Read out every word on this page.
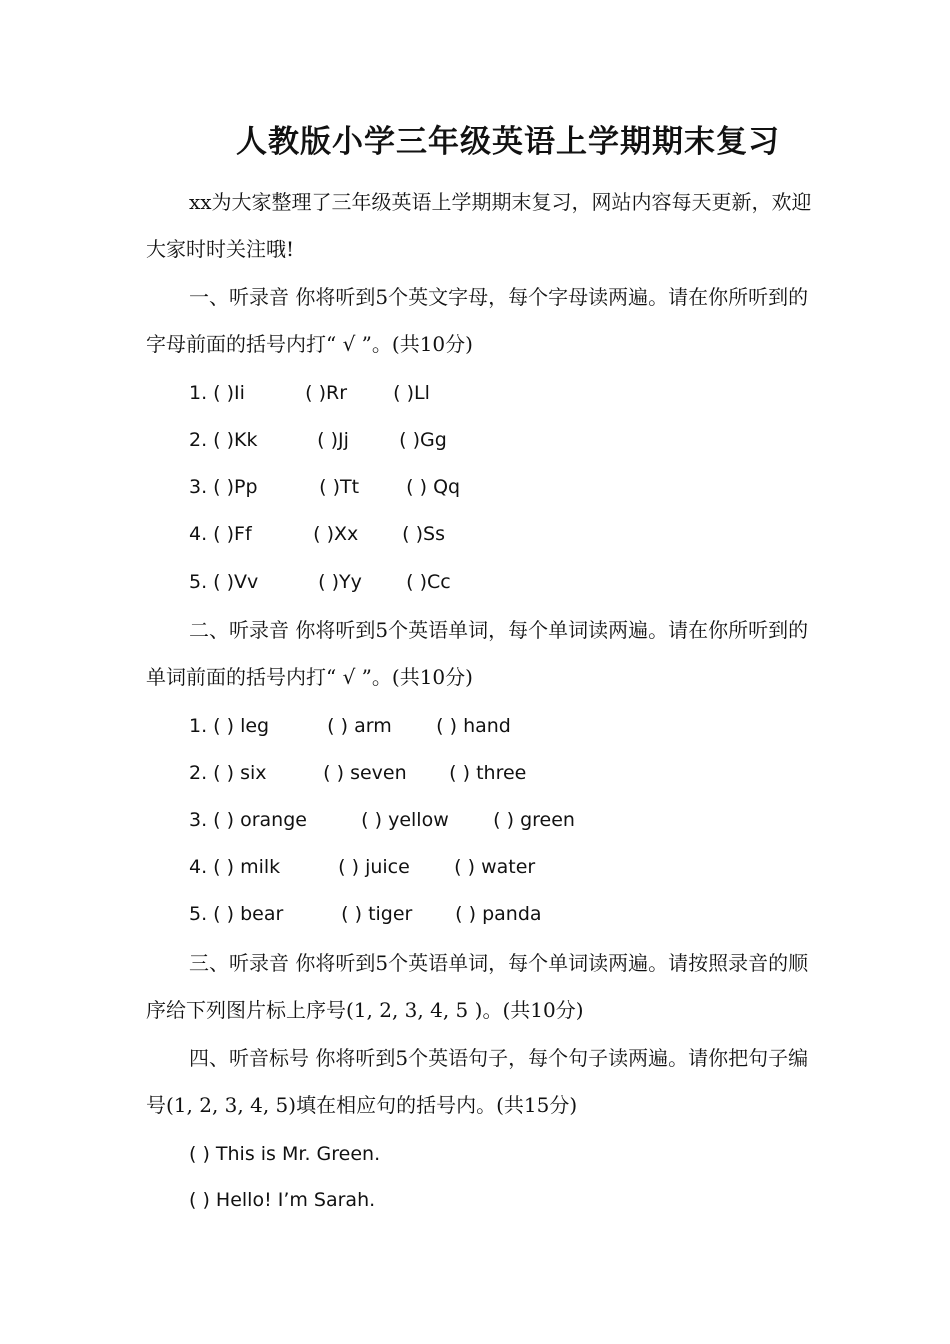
人教版小学三年级英语上学期期末复习
xx为大家整理了三年级英语上学期期末复习，网站内容每天更新，欢迎大家时时关注哦!
一、听录音 你将听到5个英文字母，每个字母读两遍。请在你所听到的字母前面的括号内打“ √ ”。(共10分)
1. ( )Ii	( )Rr ( )Ll
2. ( )Kk	( )Jj	( )Gg
3. ( )Pp	( )Tt ( ) Qq
4. ( )Ff	( )Xx ( )Ss
5. ( )Vv	( )Yy ( )Cc
二、听录音 你将听到5个英语单词，每个单词读两遍。请在你所听到的单词前面的括号内打“ √ ”。(共10分)
1. ( ) leg	( ) arm ( ) hand
2. ( ) six	( ) seven ( ) three
3. ( ) orange	( ) yellow ( ) green
4. ( ) milk	( ) juice ( ) water
5. ( ) bear	( ) tiger ( ) panda
三、听录音 你将听到5个英语单词，每个单词读两遍。请按照录音的顺序给下列图片标上序号(1, 2, 3, 4, 5 )。(共10分)
四、听音标号 你将听到5个英语句子，每个句子读两遍。请你把句子编号(1, 2, 3, 4, 5)填在相应句的括号内。(共15分)
( ) This is Mr. Green.
( ) Hello! I’m Sarah.
